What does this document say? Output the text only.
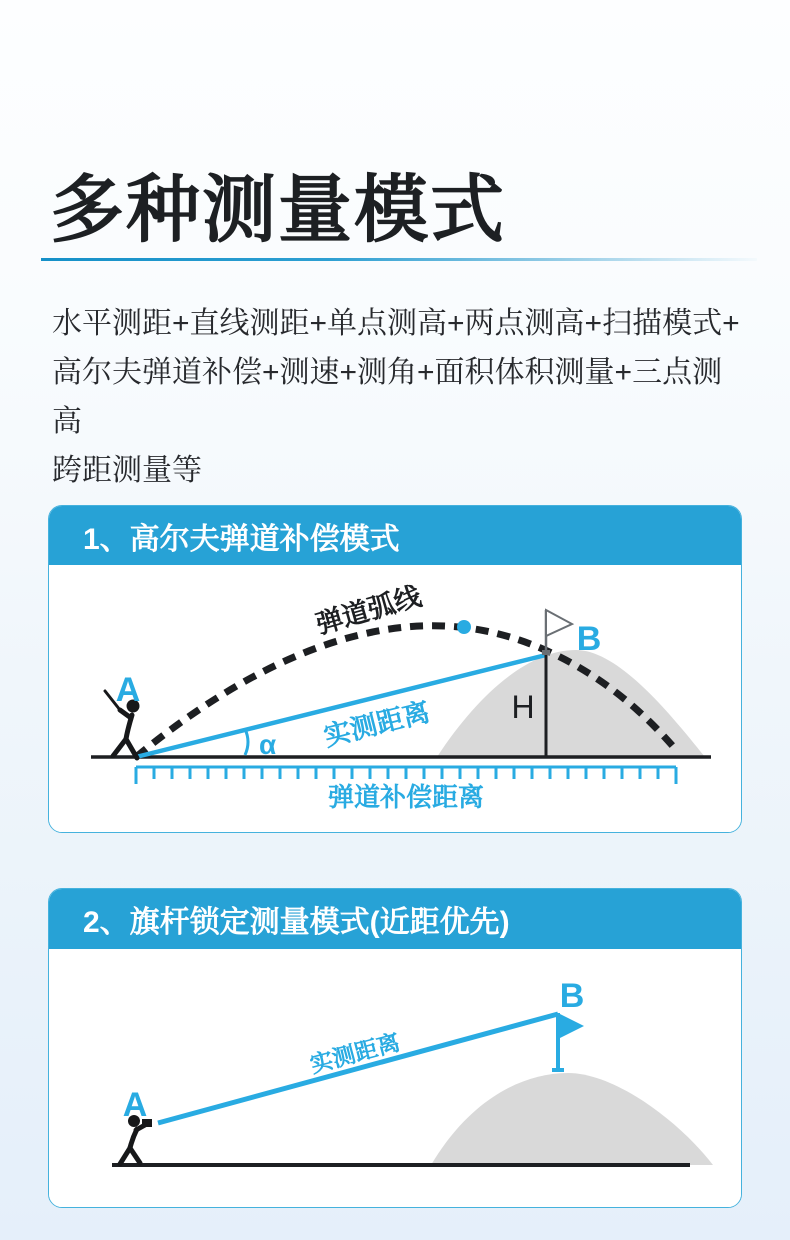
多种测量模式
水平测距+直线测距+单点测高+两点测高+扫描模式+
高尔夫弹道补偿+测速+测角+面积体积测量+三点测高
跨距测量等
1、高尔夫弹道补偿模式
A
B
弹道弧线
实测距离
α
H
弹道补偿距离
2、旗杆锁定测量模式(近距优先)
A
B
实测距离
